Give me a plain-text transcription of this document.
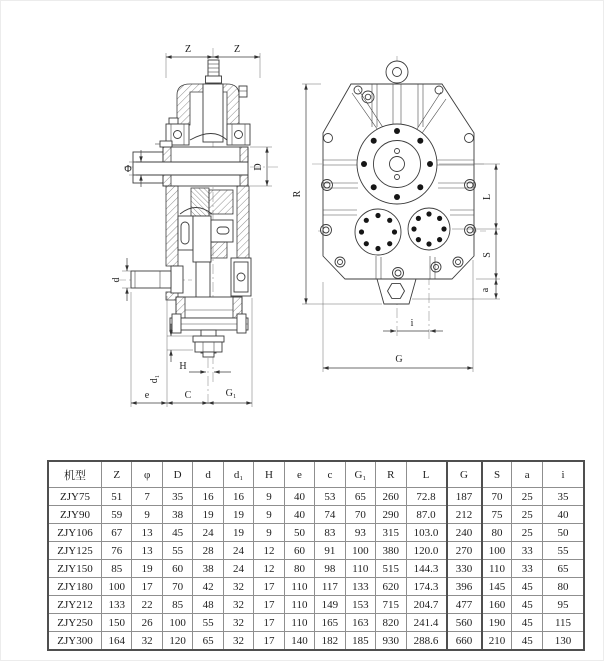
Z	Z
Φ	D
d
H
d₁
e	C	G₁
R	L
S
a
i
G
机型	Z	φ	D	d	d₁	H	e	c	G₁	R	L	G	S	a	i
ZJY75	51	7	35	16	16	9	40	53	65	260	72.8	187	70	25	35
ZJY90	59	9	38	19	19	9	40	74	70	290	87.0	212	75	25	40
ZJY106	67	13	45	24	19	9	50	83	93	315	103.0	240	80	25	50
ZJY125	76	13	55	28	24	12	60	91	100	380	120.0	270	100	33	55
ZJY150	85	19	60	38	24	12	80	98	110	515	144.3	330	110	33	65
ZJY180	100	17	70	42	32	17	110	117	133	620	174.3	396	145	45	80
ZJY212	133	22	85	48	32	17	110	149	153	715	204.7	477	160	45	95
ZJY250	150	26	100	55	32	17	110	165	163	820	241.4	560	190	45	115
ZJY300	164	32	120	65	32	17	140	182	185	930	288.6	660	210	45	130
